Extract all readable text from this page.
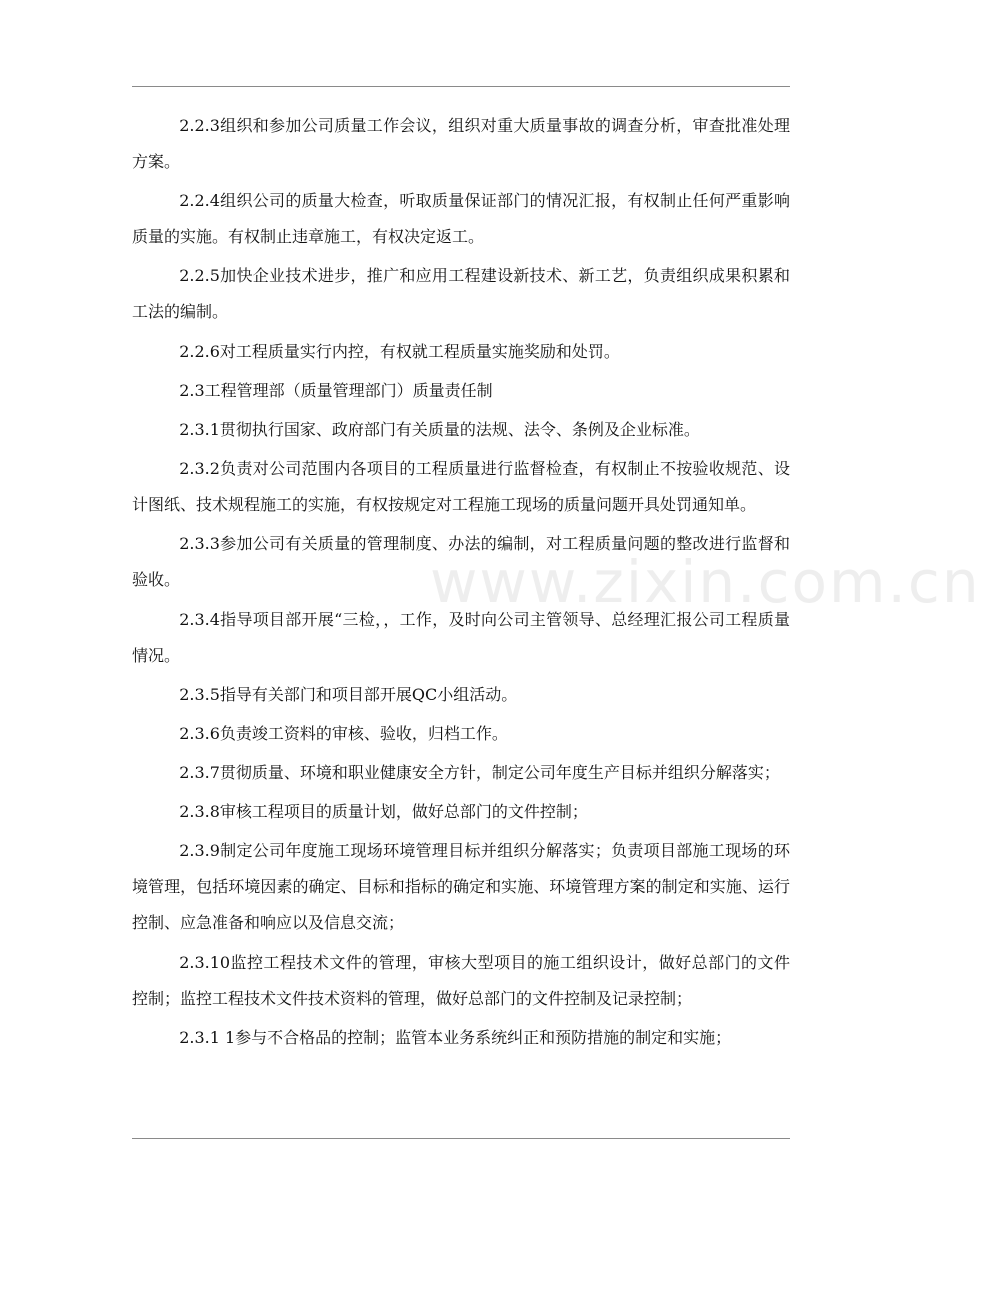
2.2.3组织和参加公司质量工作会议，组织对重大质量事故的调查分析，审查批准处理方案。

2.2.4组织公司的质量大检查，听取质量保证部门的情况汇报，有权制止任何严重影响质量的实施。有权制止违章施工，有权决定返工。

2.2.5加快企业技术进步，推广和应用工程建设新技术、新工艺，负责组织成果积累和工法的编制。

2.2.6对工程质量实行内控，有权就工程质量实施奖励和处罚。

2.3工程管理部（质量管理部门）质量责任制

2.3.1贯彻执行国家、政府部门有关质量的法规、法令、条例及企业标准。

2.3.2负责对公司范围内各项目的工程质量进行监督检查，有权制止不按验收规范、设计图纸、技术规程施工的实施，有权按规定对工程施工现场的质量问题开具处罚通知单。

2.3.3参加公司有关质量的管理制度、办法的编制，对工程质量问题的整改进行监督和验收。

2.3.4指导项目部开展“三检，，工作，及时向公司主管领导、总经理汇报公司工程质量情况。

2.3.5指导有关部门和项目部开展QC小组活动。

2.3.6负责竣工资料的审核、验收，归档工作。

2.3.7贯彻质量、环境和职业健康安全方针，制定公司年度生产目标并组织分解落实；

2.3.8审核工程项目的质量计划，做好总部门的文件控制；

2.3.9制定公司年度施工现场环境管理目标并组织分解落实；负责项目部施工现场的环境管理，包括环境因素的确定、目标和指标的确定和实施、环境管理方案的制定和实施、运行控制、应急准备和响应以及信息交流；

2.3.10监控工程技术文件的管理，审核大型项目的施工组织设计，做好总部门的文件控制；监控工程技术文件技术资料的管理，做好总部门的文件控制及记录控制；

2.3.1 1参与不合格品的控制；监管本业务系统纠正和预防措施的制定和实施；

www.zixin.com.cn
